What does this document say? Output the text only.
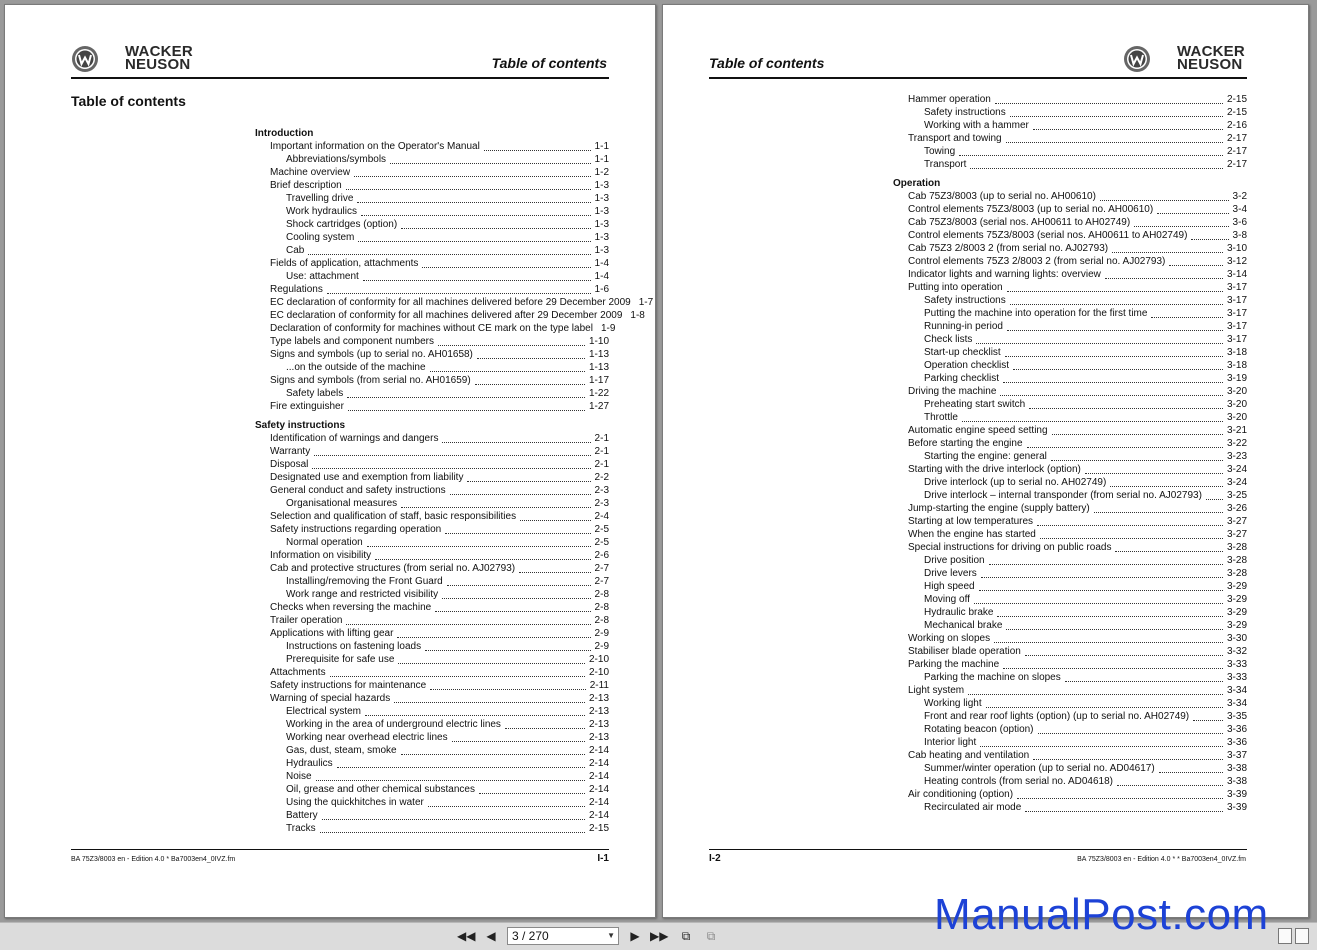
WACKER
NEUSON	Table of contents
Table of contents
Introduction
Important information on the Operator's Manual	1-1
Abbreviations/symbols	1-1
Machine overview	1-2
Brief description	1-3
Travelling drive	1-3
Work hydraulics	1-3
Shock cartridges (option)	1-3
Cooling system	1-3
Cab	1-3
Fields of application, attachments	1-4
Use: attachment	1-4
Regulations	1-6
EC declaration of conformity for all machines delivered before 29 December 2009 1-7
EC declaration of conformity for all machines delivered after 29 December 2009 1-8
Declaration of conformity for machines without CE mark on the type label 1-9
Type labels and component numbers	1-10
Signs and symbols (up to serial no. AH01658)	1-13
...on the outside of the machine	1-13
Signs and symbols (from serial no. AH01659)	1-17
Safety labels	1-22
Fire extinguisher	1-27
Safety instructions
Identification of warnings and dangers	2-1
Warranty	2-1
Disposal	2-1
Designated use and exemption from liability	2-2
General conduct and safety instructions	2-3
Organisational measures	2-3
Selection and qualification of staff, basic responsibilities	2-4
Safety instructions regarding operation	2-5
Normal operation	2-5
Information on visibility	2-6
Cab and protective structures (from serial no. AJ02793)	2-7
Installing/removing the Front Guard	2-7
Work range and restricted visibility	2-8
Checks when reversing the machine	2-8
Trailer operation	2-8
Applications with lifting gear	2-9
Instructions on fastening loads	2-9
Prerequisite for safe use	2-10
Attachments	2-10
Safety instructions for maintenance	2-11
Warning of special hazards	2-13
Electrical system	2-13
Working in the area of underground electric lines	2-13
Working near overhead electric lines	2-13
Gas, dust, steam, smoke	2-14
Hydraulics	2-14
Noise	2-14
Oil, grease and other chemical substances	2-14
Using the quickhitches in water	2-14
Battery	2-14
Tracks	2-15
BA 75Z3/8003 en - Edition 4.0 * Ba7003en4_0IVZ.fm	I-1
Table of contents
WACKER
NEUSON
Hammer operation	2-15
Safety instructions	2-15
Working with a hammer	2-16
Transport and towing	2-17
Towing	2-17
Transport	2-17
Operation
Cab 75Z3/8003 (up to serial no. AH00610)	3-2
Control elements 75Z3/8003 (up to serial no. AH00610)	3-4
Cab 75Z3/8003 (serial nos. AH00611 to AH02749)	3-6
Control elements 75Z3/8003 (serial nos. AH00611 to AH02749)	3-8
Cab 75Z3 2/8003 2 (from serial no. AJ02793)	3-10
Control elements 75Z3 2/8003 2 (from serial no. AJ02793)	3-12
Indicator lights and warning lights: overview	3-14
Putting into operation	3-17
Safety instructions	3-17
Putting the machine into operation for the first time	3-17
Running-in period	3-17
Check lists	3-17
Start-up checklist	3-18
Operation checklist	3-18
Parking checklist	3-19
Driving the machine	3-20
Preheating start switch	3-20
Throttle	3-20
Automatic engine speed setting	3-21
Before starting the engine	3-22
Starting the engine: general	3-23
Starting with the drive interlock (option)	3-24
Drive interlock (up to serial no. AH02749)	3-24
Drive interlock – internal transponder (from serial no. AJ02793)	3-25
Jump-starting the engine (supply battery)	3-26
Starting at low temperatures	3-27
When the engine has started	3-27
Special instructions for driving on public roads	3-28
Drive position	3-28
Drive levers	3-28
High speed	3-29
Moving off	3-29
Hydraulic brake	3-29
Mechanical brake	3-29
Working on slopes	3-30
Stabiliser blade operation	3-32
Parking the machine	3-33
Parking the machine on slopes	3-33
Light system	3-34
Working light	3-34
Front and rear roof lights (option) (up to serial no. AH02749)	3-35
Rotating beacon (option)	3-36
Interior light	3-36
Cab heating and ventilation	3-37
Summer/winter operation (up to serial no. AD04617)	3-38
Heating controls (from serial no. AD04618)	3-38
Air conditioning (option)	3-39
Recirculated air mode	3-39
I-2	BA 75Z3/8003 en - Edition 4.0 * * Ba7003en4_0IVZ.fm
◀◀ ◀	3 / 270	▼	▶ ▶▶	⧉	⧉	ManualPost.com
